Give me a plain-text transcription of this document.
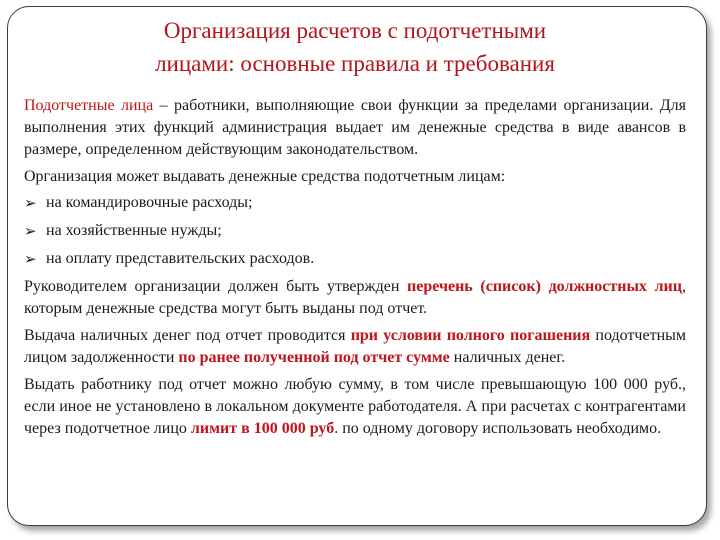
Организация расчетов с подотчетными
лицами: основные правила и требования

Подотчетные лица – работники, выполняющие свои функции за пределами организации. Для выполнения этих функций администрация выдает им денежные средства в виде авансов в размере, определенном действующим законодательством.

Организация может выдавать денежные средства подотчетным лицам:

➢ на командировочные расходы;
➢ на хозяйственные нужды;
➢ на оплату представительских расходов.

Руководителем организации должен быть утвержден перечень (список) должностных лиц, которым денежные средства могут быть выданы под отчет.

Выдача наличных денег под отчет проводится при условии полного погашения подотчетным лицом задолженности по ранее полученной под отчет сумме наличных денег.

Выдать работнику под отчет можно любую сумму, в том числе превышающую 100 000 руб., если иное не установлено в локальном документе работодателя. А при расчетах с контрагентами через подотчетное лицо лимит в 100 000 руб. по одному договору использовать необходимо.
